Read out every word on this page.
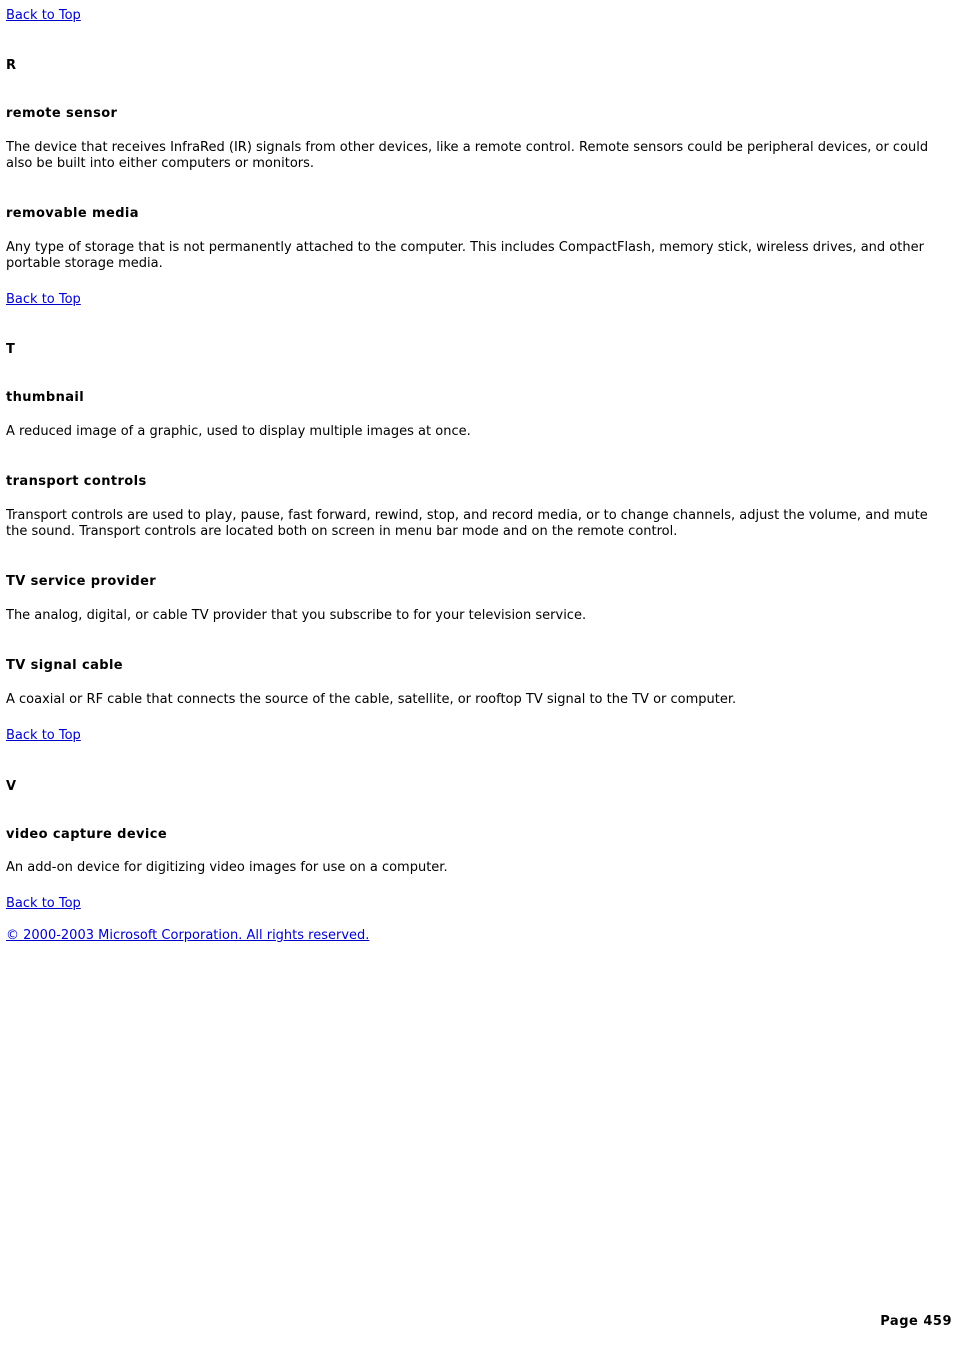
Back to Top
R
remote sensor

The device that receives InfraRed (IR) signals from other devices, like a remote control. Remote sensors could be peripheral devices, or could also be built into either computers or monitors.

removable media

Any type of storage that is not permanently attached to the computer. This includes CompactFlash, memory stick, wireless drives, and other portable storage media.

Back to Top
T
thumbnail

A reduced image of a graphic, used to display multiple images at once.

transport controls

Transport controls are used to play, pause, fast forward, rewind, stop, and record media, or to change channels, adjust the volume, and mute the sound. Transport controls are located both on screen in menu bar mode and on the remote control.

TV service provider

The analog, digital, or cable TV provider that you subscribe to for your television service.

TV signal cable

A coaxial or RF cable that connects the source of the cable, satellite, or rooftop TV signal to the TV or computer.

Back to Top
V
video capture device

An add-on device for digitizing video images for use on a computer.

Back to Top
© 2000-2003 Microsoft Corporation. All rights reserved.
Page 459
